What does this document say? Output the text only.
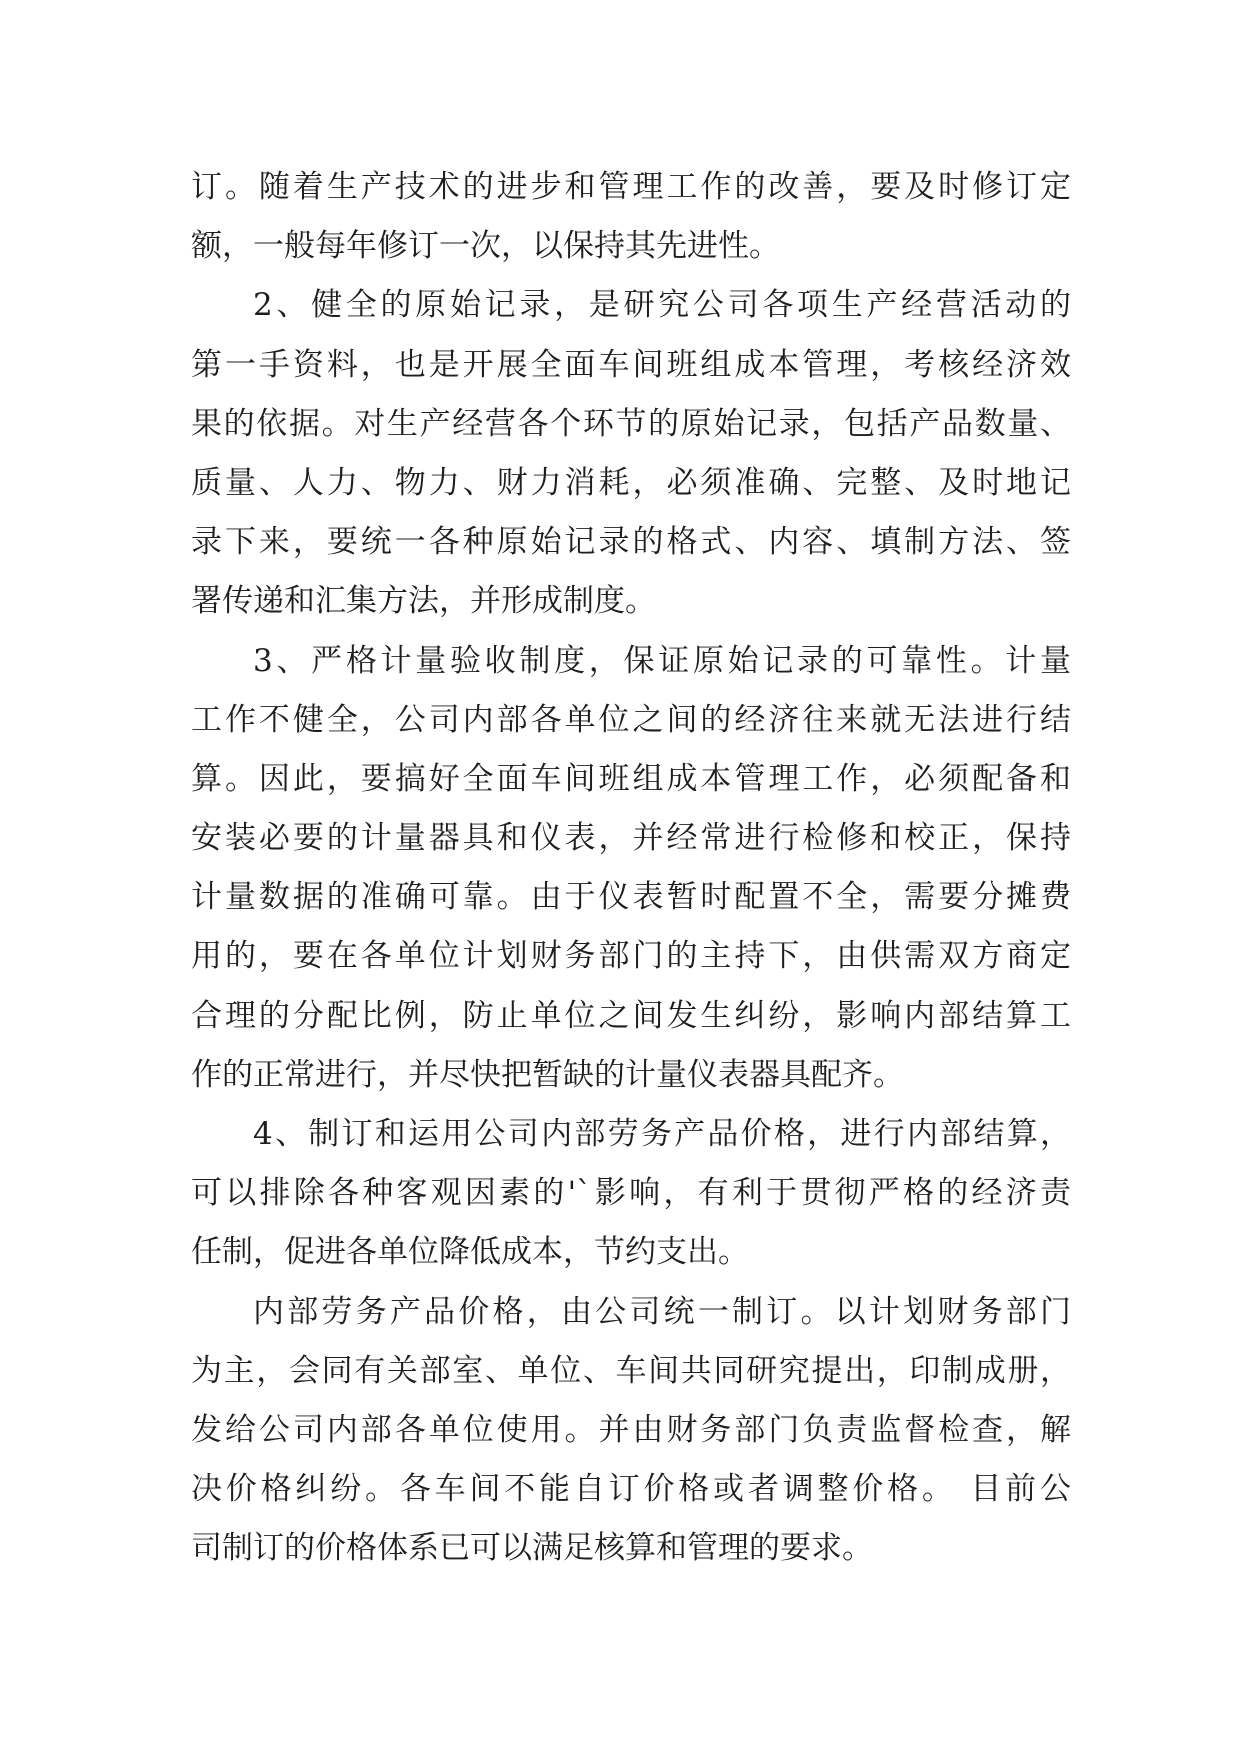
订。随着生产技术的进步和管理工作的改善，要及时修订定
额，一般每年修订一次，以保持其先进性。
2、健全的原始记录，是研究公司各项生产经营活动的
第一手资料，也是开展全面车间班组成本管理，考核经济效
果的依据。对生产经营各个环节的原始记录，包括产品数量、
质量、人力、物力、财力消耗，必须准确、完整、及时地记
录下来，要统一各种原始记录的格式、内容、填制方法、签
署传递和汇集方法，并形成制度。
3、严格计量验收制度，保证原始记录的可靠性。计量
工作不健全，公司内部各单位之间的经济往来就无法进行结
算。因此，要搞好全面车间班组成本管理工作，必须配备和
安装必要的计量器具和仪表，并经常进行检修和校正，保持
计量数据的准确可靠。由于仪表暂时配置不全，需要分摊费
用的，要在各单位计划财务部门的主持下，由供需双方商定
合理的分配比例，防止单位之间发生纠纷，影响内部结算工
作的正常进行，并尽快把暂缺的计量仪表器具配齐。
4、制订和运用公司内部劳务产品价格，进行内部结算，
可以排除各种客观因素的'`影响，有利于贯彻严格的经济责
任制，促进各单位降低成本，节约支出。
内部劳务产品价格，由公司统一制订。以计划财务部门
为主，会同有关部室、单位、车间共同研究提出，印制成册，
发给公司内部各单位使用。并由财务部门负责监督检查，解
决价格纠纷。各车间不能自订价格或者调整价格。 目前公
司制订的价格体系已可以满足核算和管理的要求。
